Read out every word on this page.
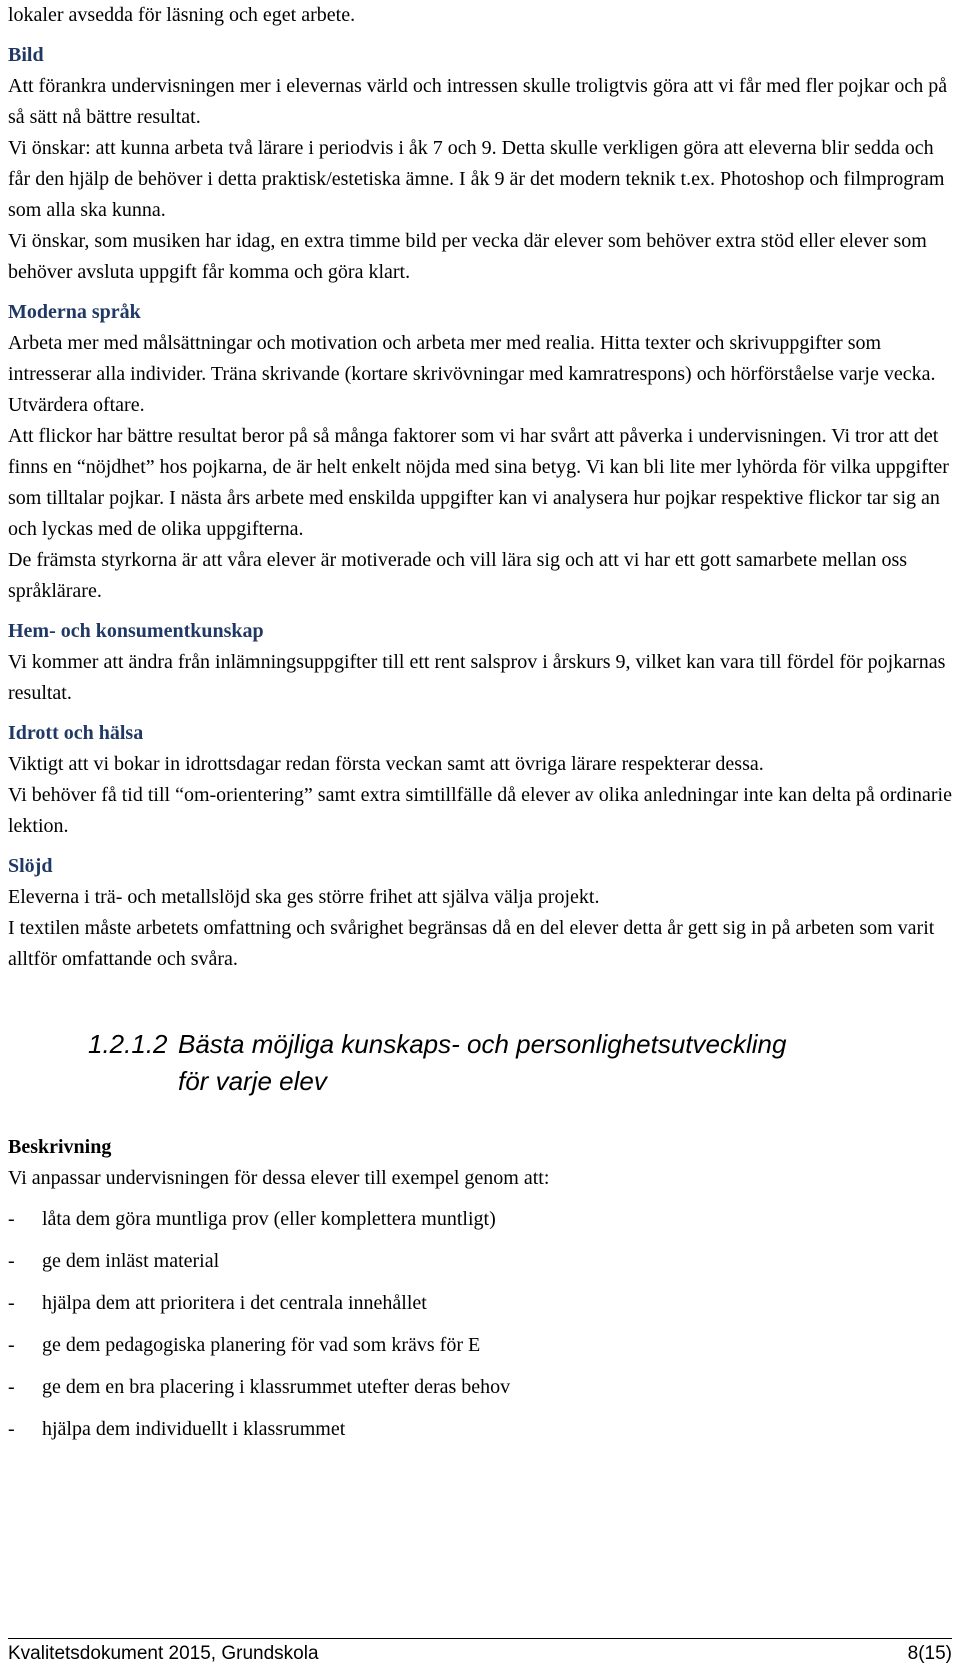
lokaler avsedda för läsning och eget arbete.

Bild

Att förankra undervisningen mer i elevernas värld och intressen skulle troligtvis göra att vi får med fler pojkar och på så sätt nå bättre resultat.

Vi önskar: att kunna arbeta två lärare i periodvis i åk 7 och 9. Detta skulle verkligen göra att eleverna blir sedda och får den hjälp de behöver i detta praktisk/estetiska ämne. I åk 9 är det modern teknik t.ex. Photoshop och filmprogram som alla ska kunna.

Vi önskar, som musiken har idag, en extra timme bild per vecka där elever som behöver extra stöd eller elever som behöver avsluta uppgift får komma och göra klart.

Moderna språk

Arbeta mer med målsättningar och motivation och arbeta mer med realia. Hitta texter och skrivuppgifter som intresserar alla individer. Träna skrivande (kortare skrivövningar med kamratrespons) och hörförståelse varje vecka. Utvärdera oftare.

Att flickor har bättre resultat beror på så många faktorer som vi har svårt att påverka i undervisningen. Vi tror att det finns en “nöjdhet” hos pojkarna, de är helt enkelt nöjda med sina betyg. Vi kan bli lite mer lyhörda för vilka uppgifter som tilltalar pojkar. I nästa års arbete med enskilda uppgifter kan vi analysera hur pojkar respektive flickor tar sig an och lyckas med de olika uppgifterna.

De främsta styrkorna är att våra elever är motiverade och vill lära sig och att vi har ett gott samarbete mellan oss språklärare.

Hem- och konsumentkunskap

Vi kommer att ändra från inlämningsuppgifter till ett rent salsprov i årskurs 9, vilket kan vara till fördel för pojkarnas resultat.

Idrott och hälsa

Viktigt att vi bokar in idrottsdagar redan första veckan samt att övriga lärare respekterar dessa.

Vi behöver få tid till “om-orientering” samt extra simtillfälle då elever av olika anledningar inte kan delta på ordinarie lektion.

Slöjd

Eleverna i trä- och metallslöjd ska ges större frihet att själva välja projekt.

I textilen måste arbetets omfattning och svårighet begränsas då en del elever detta år gett sig in på arbeten som varit alltför omfattande och svåra.

1.2.1.2 Bästa möjliga kunskaps- och personlighetsutveckling
för varje elev
Beskrivning

Vi anpassar undervisningen för dessa elever till exempel genom att:

- låta dem göra muntliga prov (eller komplettera muntligt)
- ge dem inläst material
- hjälpa dem att prioritera i det centrala innehållet
- ge dem pedagogiska planering för vad som krävs för E
- ge dem en bra placering i klassrummet utefter deras behov
- hjälpa dem individuellt i klassrummet
Kvalitetsdokument 2015, Grundskola	8(15)
